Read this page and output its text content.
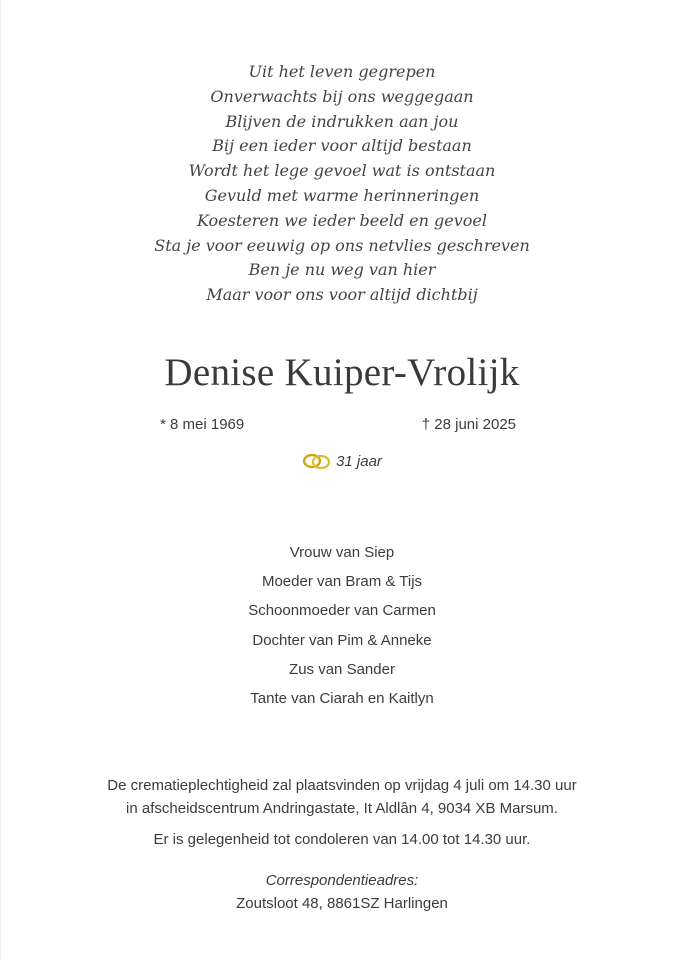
Uit het leven gegrepen
Onverwachts bij ons weggegaan
Blijven de indrukken aan jou
Bij een ieder voor altijd bestaan
Wordt het lege gevoel wat is ontstaan
Gevuld met warme herinneringen
Koesteren we ieder beeld en gevoel
Sta je voor eeuwig op ons netvlies geschreven
Ben je nu weg van hier
Maar voor ons voor altijd dichtbij
Denise Kuiper-Vrolijk
* 8 mei 1969	† 28 juni 2025
31 jaar
Vrouw van Siep
Moeder van Bram & Tijs
Schoonmoeder van Carmen
Dochter van Pim & Anneke
Zus van Sander
Tante van Ciarah en Kaitlyn

De crematieplechtigheid zal plaatsvinden op vrijdag 4 juli om 14.30 uur

in afscheidscentrum Andringastate, It Aldlân 4, 9034 XB Marsum.

Er is gelegenheid tot condoleren van 14.00 tot 14.30 uur.

Correspondentieadres:
Zoutsloot 48, 8861SZ Harlingen
